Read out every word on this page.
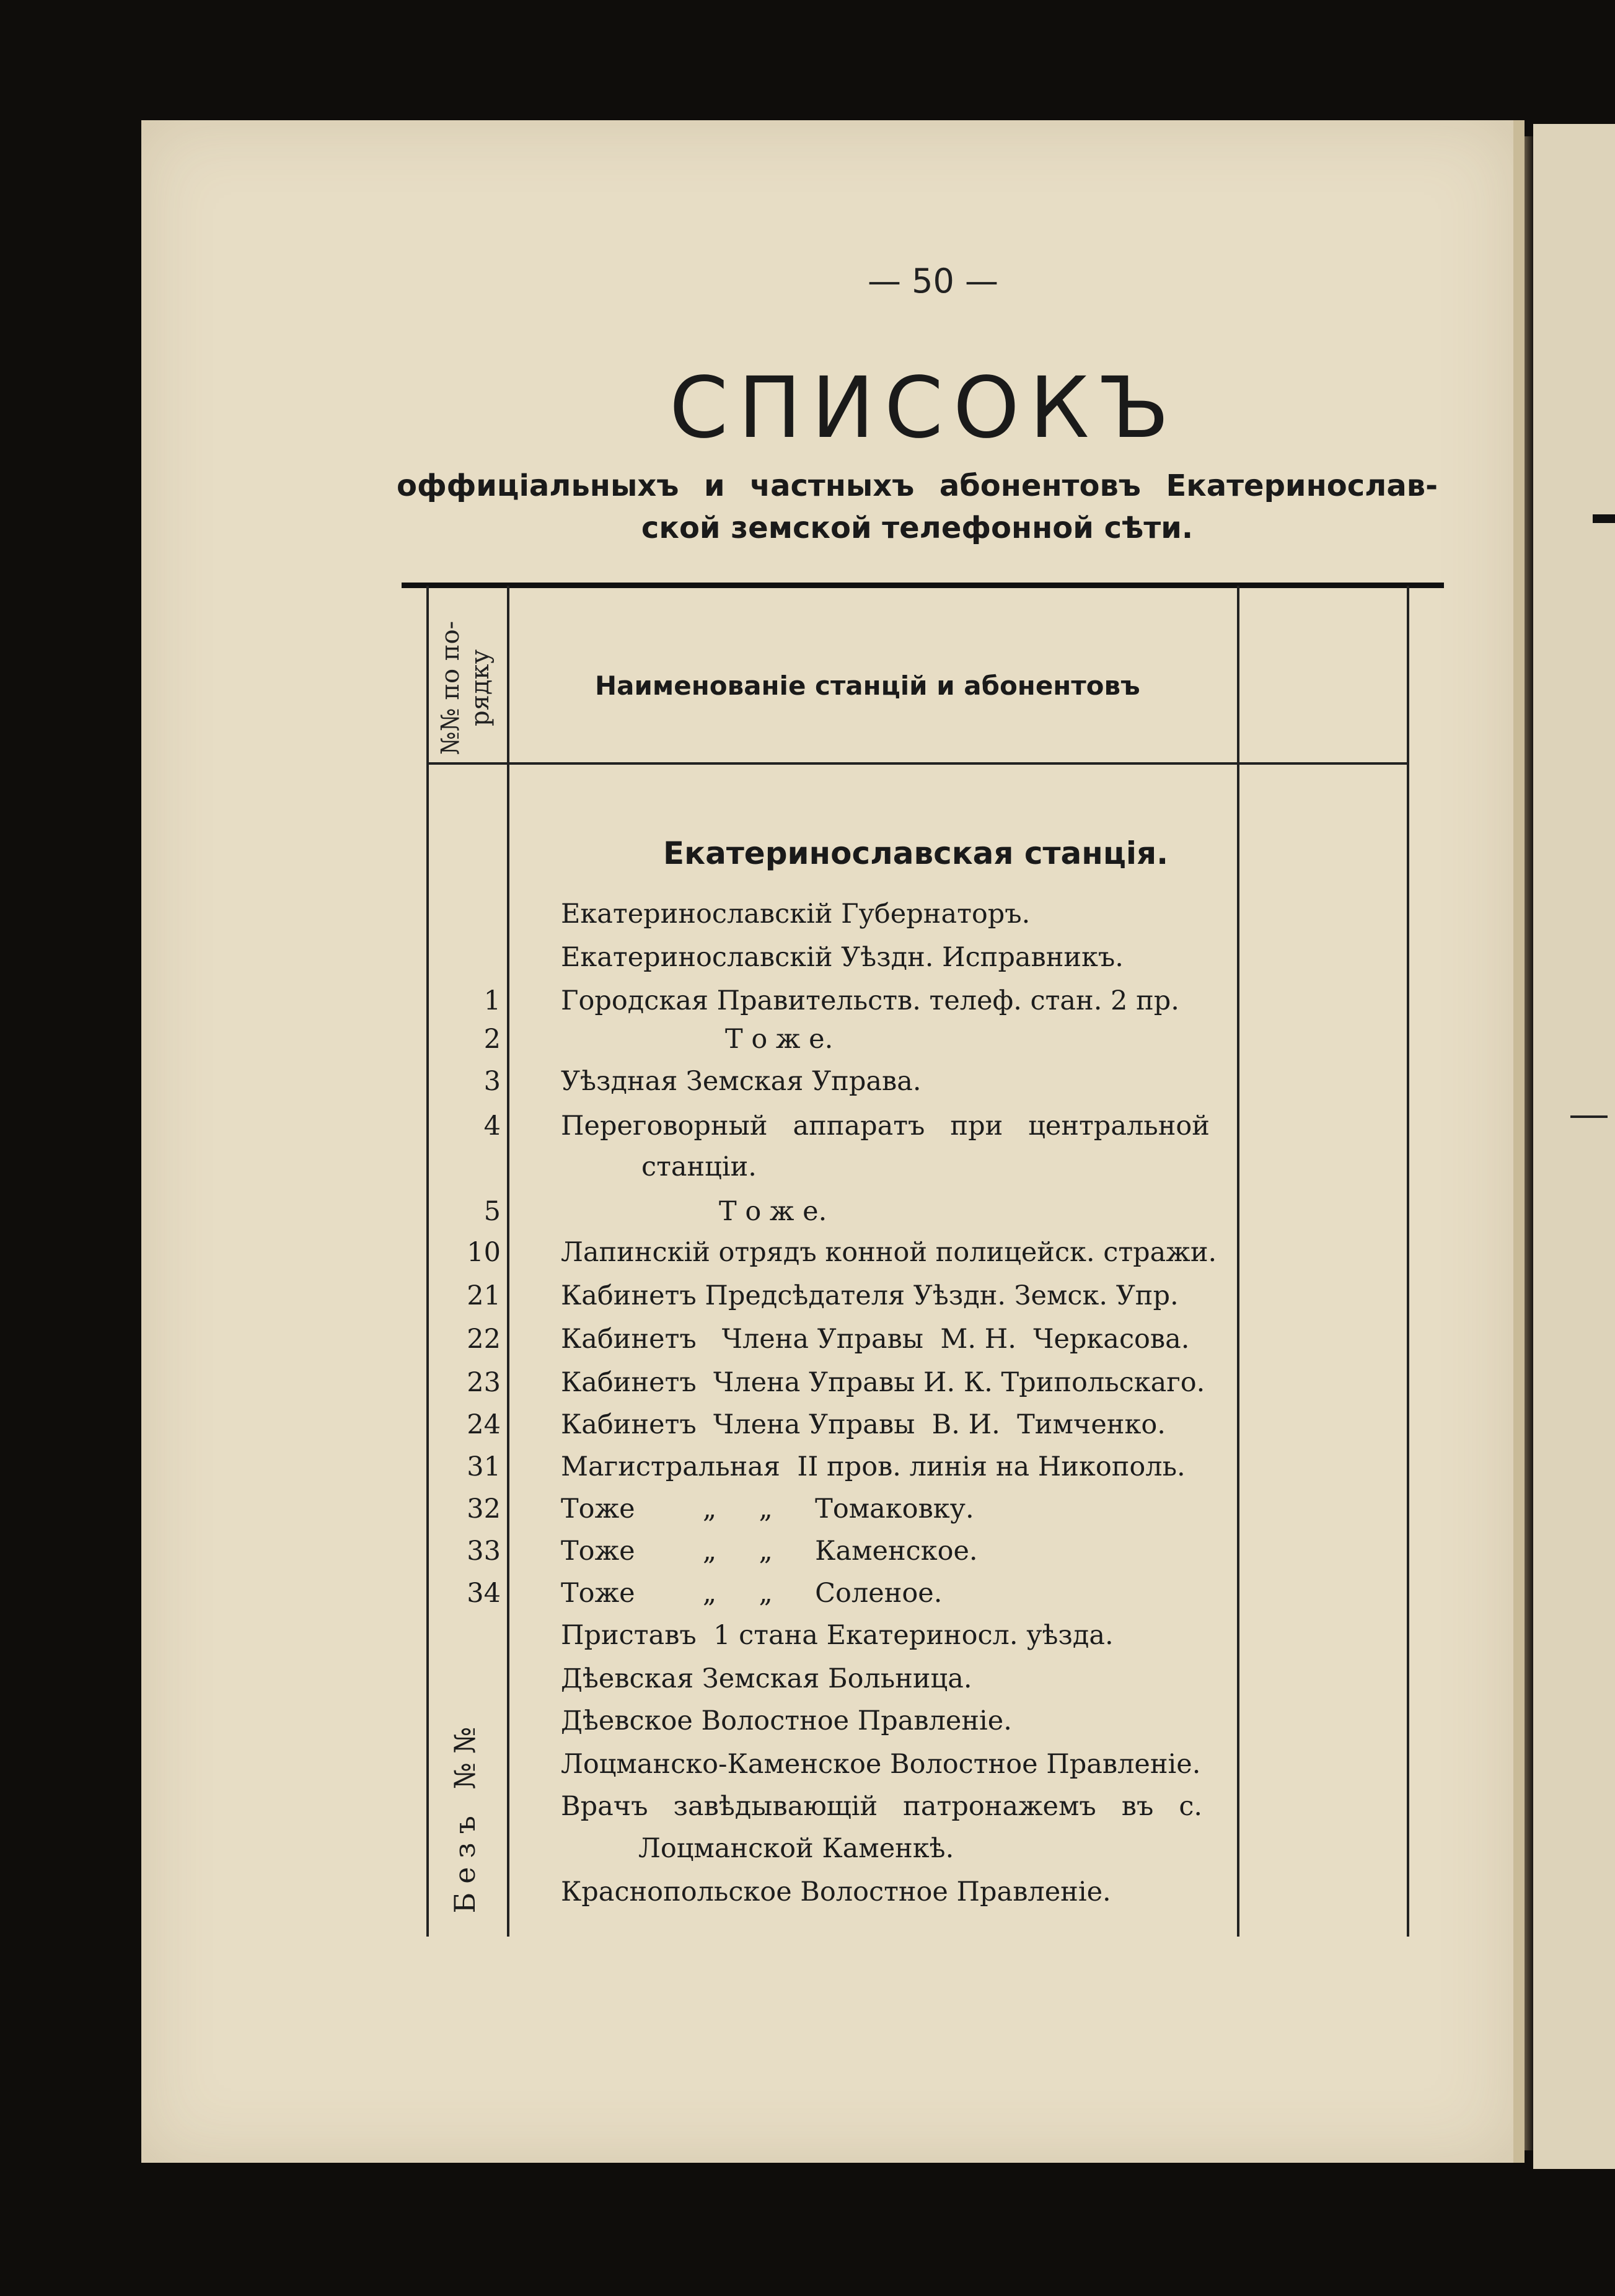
— 50 —
СПИСОКЪ
оффиціальныхъ и частныхъ абонентовъ Екатеринослав-
ской земской телефонной сѣти.
№№ по по-
рядку	Наименованіе станцій и абонентовъ
Екатеринославская станція.
Екатеринославскій Губернаторъ.
Екатеринославскій Уѣздн. Исправникъ.
1 Городская Правительств. телеф. стан. 2 пр.
2	Т о ж е.
3 Уѣздная Земская Управа.
4 Переговорный   аппаратъ   при   центральной
станціи.
5	Т о ж е.
10 Лапинскій отрядъ конной полицейск. стражи.
21 Кабинетъ Предсѣдателя Уѣздн. Земск. Упр.
22 Кабинетъ   Члена Управы  М. Н.  Черкасова.
23 Кабинетъ  Члена Управы И. К. Трипольскаго.
24 Кабинетъ  Члена Управы  В. И.  Тимченко.
31 Магистральная  II пров. линія на Никополь.
32 Тоже        „     „     Томаковку.
33 Тоже        „     „     Каменское.
34 Тоже        „     „     Соленое.
Приставъ  1 стана Екатериносл. уѣзда.
Дѣевская Земская Больница.
Дѣевское Волостное Правленіе.
Лоцманско-Каменское Волостное Правленіе.
Врачъ   завѣдывающій   патронажемъ   въ   с.
Лоцманской Каменкѣ.
Краснопольское Волостное Правленіе.
Безъ №№
